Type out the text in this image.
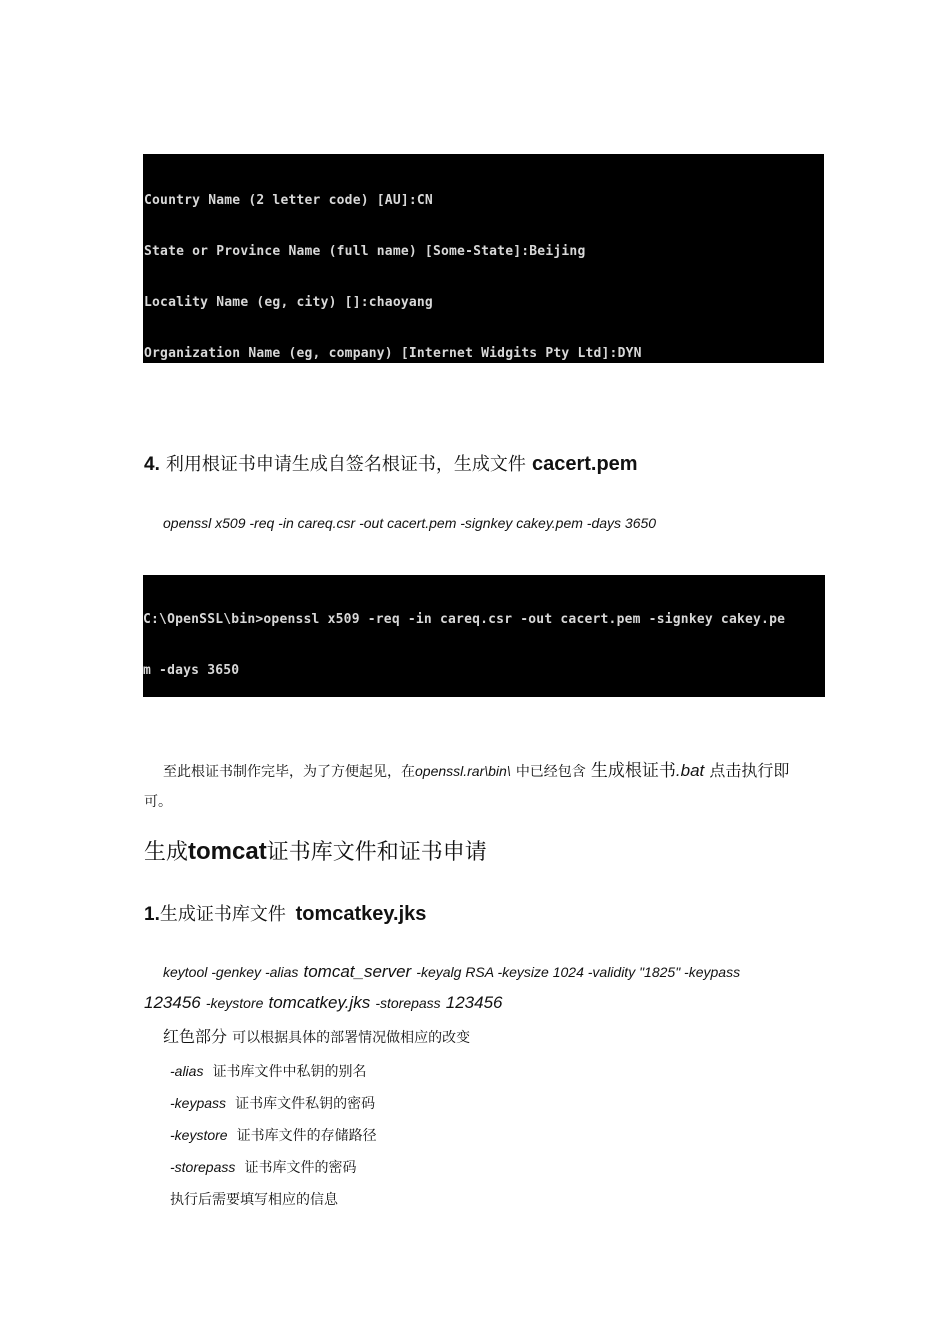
Country Name (2 letter code) [AU]:CN

State or Province Name (full name) [Some-State]:Beijing

Locality Name (eg, city) []:chaoyang

Organization Name (eg, company) [Internet Widgits Pty Ltd]:DYN

4. 利用根证书申请生成自签名根证书，生成文件 cacert.pem
openssl x509 -req -in careq.csr -out cacert.pem -signkey cakey.pem -days 3650

C:\OpenSSL\bin>openssl x509 -req -in careq.csr -out cacert.pem -signkey cakey.pe

m -days 3650

至此根证书制作完毕，为了方便起见，在openssl.rar\bin\ 中已经包含 生成根证书.bat 点击执行即
可。
生成tomcat证书库文件和证书申请
1.生成证书库文件 tomcatkey.jks
keytool -genkey -alias tomcat_server -keyalg RSA -keysize 1024 -validity "1825" -keypass
123456 -keystore tomcatkey.jks -storepass 123456
红色部分 可以根据具体的部署情况做相应的改变
-alias 证书库文件中私钥的别名
-keypass 证书库文件私钥的密码
-keystore 证书库文件的存储路径
-storepass 证书库文件的密码
执行后需要填写相应的信息
